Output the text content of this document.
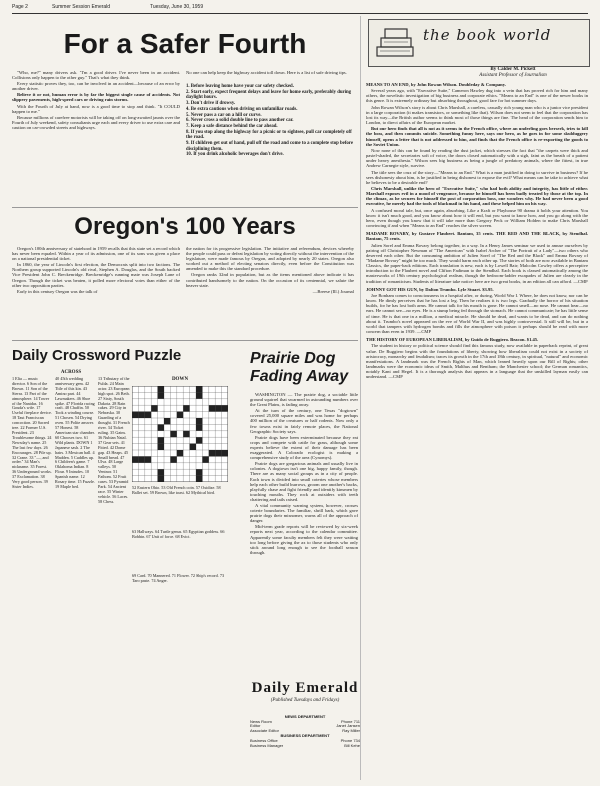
Page 2	Summer Session Emerald	Tuesday, June 30, 1959
For a Safer Fourth

"Who, me?" many drivers ask. "I'm a good driver. I've never been in an accident. Collisions only happen to the other guy." That's what they think.

Every statistic proves they, too, can be involved in an accident—because of an error by another driver.

Believe it or not, human error is by far the biggest single cause of accidents. Not slippery pavements, high-speed cars or driving rain storms.

With the Fourth of July at hand, now is a good time to stop and think. "It COULD happen to me."

Because millions of carefree motorists will be taking off on long-awaited jaunts over the Fourth of July weekend, safety consultants urge each and every driver to use extra care and caution on car-crowded streets and highways.

No one can help keep the highway accident toll down. Here is a list of safe driving tips.
1. Before leaving home have your car safety checked.
2. Start early, expect frequent delays and leave for home early, preferably during daylight hours.
3. Don't drive if drowsy.
4. Be extra cautious when driving on unfamiliar roads.
5. Never pass a car on a hill or curve.
6. Never cross a solid double line to pass another car.
7. Keep a safe distance behind the car ahead.
8. If you stop along the highway for a picnic or to sightsee, pull car completely off the road.
9. If children get out of hand, pull off the road and come to a complete stop before disciplining them.
10. If you drink alcoholic beverages don't drive.
Oregon's 100 Years

Oregon's 100th anniversary of statehood in 1959 recalls that this state set a record which has never been equaled. Within a year of its admission, one of its sons was given a place on a national presidential ticket.

In 1860, the year of Lincoln's first election, the Democrats split into two factions. The Northern group supported Lincoln's old rival, Stephen A. Douglas, and the South backed Vice President John C. Breckenridge. Breckenridge's running mate was Joseph Lane of Oregon. Though the ticket was beaten, it polled more electoral votes than either of the other two opposition parties.

Early in this century Oregon was the talk of

the nation for its progressive legislation. The initiative and referendum, devices whereby the people could pass or defeat legislation by voting directly without the intervention of the legislature, were made famous by Oregon, and adopted by nearly 20 states. Oregon also worked out a method of electing senators directly, even before the Constitution was amended to make this the standard procedure.

Oregon ranks 32nd in population, but as the items mentioned above indicate it has contributed handsomely to the nation. On the occasion of its centennial, we salute the beaver state.

—Breese (Ill.) Journal

Daily Crossword Puzzle
ACROSS
1 Elia — music director. 6 Son of the Brown. 11 Son of the Sierra. 13 Part of the atmosphere. 14 Tower of the Nanidas. 16 Gouda's wife. 17 Useful fireplace device. 18 Taut Franciscan concoction. 20 Sacred tree. 22 Former U.S. President. 23 Troublesome things. 24 Newsday's name. 25 The last few days. 26 Encourages. 28 Pile up. 32 Crane. 33 "—, and order." 34 Man's nickname. 35 Forest. 36 Underground works. 37 Exclamation. 38 Very good person. 39 Sister Indies.
40 45th wedding anniversary gem. 42 Title of this kin. 43 Amino part. 44 Lawmakers. 46 Shoe spike. 47 Florida racing craft. 48 Chaffin. 50 Took a winding course. 51 Chosen. 54 Drying oven. 55 Polite answer. 57 Honest. 58 American star chamber. 60 Chooses two. 61 Wild plants. DOWN 1 Japanese sash. 2 The hairs. 3 Mexican ball. 4 Madden. 5 Cuddles up. 6 Children's game. 7 Oklahoma Indian. 8 Flour. 9 Intrudes. 10 Spanish name. 12 Rosary time. 15 Fuzzle. 19 Maple bed.
13 Tributary of the Fulda. 24 Main actor. 23 European high spot. 26 Beth. 27 Sixty, South Dakota. 28 Rain cakes. 29 City in Nebraska. 30 Guarding of a thought. 31 French river. 34 Ticket ruling. 35 Gains. 36 Nubian Natal. 37 Gear sets. 41 Fitted. 42 Dome gap. 43 Heaps. 45 Small bread. 47 Ulva. 48 Large valleys. 50 Ventnor. 51 Fathom. 52 Fruit cases. 53 Pyramid Park. 54 Ancient race. 55 Winter vehicle. 56 Laces. 58 Chess.
DOWN
52 Eastern Ohio. 53 Old French coin. 57 Oxidize. 58 Ballet set. 59 Brown, like toast. 62 Mythical bird.
63 Hallways. 64 Turtle genus. 65 Egyptian goddess. 66 Bobbin. 67 Unit of force. 68 Evict.
69 Card. 70 Mannered. 71 Flower. 72 Ship's record. 73 Taro paste. 74 Anger.
Prairie Dog Fading Away

WASHINGTON — The prairie dog, a sociable little ground squirrel that swarmed in astounding numbers over the Great Plains, is fading away.

At the turn of the century, one Texas "dogtown" covered 25,000 square miles and was home for perhaps 400 million of the creatures or half rodents. Now only a few towns exist in fairly remote places, the National Geographic Society says.

Prairie dogs have been exterminated because they eat crops and compete with cattle for grass, although some experts believe the extent of their damage has been exaggerated. A Colorado ecologist is making a comprehensive study of the area (Cynomys).

Prairie dogs are gregarious animals and usually live in colonies. A dogtown isn't one big, happy family, though. There are as many social groups as in a city of people. Each town is divided into small coteries whose members help each other build burrows, groom one another's backs, playfully chase and fight friendly and identify kinsmen by touching mouths. They rock at outsiders with teeth chattering and tails raised.

A vital community warning system, however, crosses coterie boundaries. The familiar, shrill bark, which gave prairie dogs their misnomer, warns all of the approach of danger.

Mid-term grade reports will be reviewed by six-week reports next year, according to the calendar committee. Apparently some faculty members felt they were waiting too long before giving the ax to those students who only stick around long enough to see the football season through.

Daily Emerald
(Published Tuesdays and Fridays)
NEWS DEPARTMENT
News Room	Phone 711
Editor	Janet Jansen
Associate Editor	Ray Miller
BUSINESS DEPARTMENT
Business Office	Phone 734
Business Manager	Bill Kehe
the book world
By Calder M. Pickett
Assistant Professor of Journalism

MEANS TO AN END, by John Rowan Wilson. Doubleday & Company.

Several years ago, with "Executive Suite," Cameron Hawley dug into a vein that has proved rich for him and many others, the novelistic investigation of big business and corporate ethics. "Means to an End" is one of the newer books in this genre. It is extremely ordinary but absorbing throughout, good fare for hot summer days.

John Rowan Wilson's story is about Chris Marshall, a careless, casually rich young man who is a junior vice president in a large corporation (it makes transistors, or something like that). Wilson does not seem to feel that the corporation has lost its way—the British author seems to think most of those things are fine. The head of the corporation sends him to London, to direct affairs of the European market.

But our hero finds that all is not as it seems in the French office, where an underling goes berserk, tries to kill the boss, and then commits suicide. Something funny here, says our hero, as he goes in for some skulduggery himself, opens a letter that is not addressed to him, and finds that the French office is re-exporting the goods to the Soviet Union.

Now none of this can be found by reading the dust jacket, which stresses the fact that "the carpets were thick and pastel-shaded, the secretaries soft of voice, the doors closed automatically with a sigh, faint as the breath of a patient under heavy anesthesia." Wilson sees big business as being a jungle of predatory animals, where the fittest, in true Andrew Carnegie style, survive.

The title sees the crux of the story—"Means to an End." What is a man justified in doing to survive in business? If he sees dishonesty about him, is he justified in being dishonest to expose the evil? What means can he take to achieve what he believes to be a desirable end?

Chris Marshall, unlike the hero of "Executive Suite," who had both ability and integrity, has little of either. Marshall exposes evil in a mood of vengeance, because he himself has been badly treated by those at the top. In the climax, as he secures for himself the post of corporation boss, one wonders why. He had never been a good executive, he merely had the tools of blackmail in his hand, and these helped him on his way.

A confused moral tale, but, once again, absorbing. Like a Kraft or Playhouse 90 drama it holds your attention. You know it isn't much good, and you know about how it will end, but you want to know how, and you go along with the hero, even though you know that it will take more than Gregory Peck or William Holden to make Chris Marshall convincing if and when "Means to an End" reaches the silver screen.

MADAME BOVARY, by Gustave Flaubert. Bantam, 35 cents. THE RED AND THE BLACK, by Stendhal. Bantam, 75 cents.

Julien Sorel and Emma Bovary belong together, in a way. In a Henry James seminar we used to amuse ourselves by pairing off Christopher Newman of "The American" with Isabel Archer of "The Portrait of a Lady"—two others who deserved each other. But the consuming ambition of Julien Sorel of "The Red and the Black" and Emma Bovary of "Madame Bovary" might be too much. They would harm each other up. The stories of both are now available in Bantam Classics, the paper-back editions. Each translation is new, each is by Lowell Bair; Malcolm Cowley offers a perceptive introduction to the Flaubert novel and Clifton Fadiman to the Stendhal. Each book is classed automatically among the masterworks of 19th century psychological realism, though the bedroom-ladder escapades of Julien are clearly in the tradition of romanticism. Students of literature take notice: here are two great books, in an edition all can afford. —CMP

JOHNNY GOT HIS GUN, by Dalton Trumbo. Lyle Stuart. $3.95.

Joe Bonham comes to consciousness in a hospital after, or during, World War I. Where, he does not know, nor can he know. He dimly perceives that he has lost a leg. Then he realizes it is two legs. Gradually the horror of his situation builds, for he has lost both arms. He cannot talk for his mouth is gone. He cannot smell—no nose. He cannot hear—no ears. He cannot see—no eyes. He is a stump being fed through the stomach. He cannot communicate; he has little sense of time. He is that one in a million, a medical miracle. He should be dead, and wants to be dead, and can do nothing about it. Trumbo's novel appeared on the eve of World War II, and was highly controversial. It still will be, but in a world that tampers with hydrogen bombs and fills the atmosphere with poison it perhaps should be read with more concern than even in 1939. —CMP

THE HISTORY OF EUROPEAN LIBERALISM, by Guido de Ruggiero. Beacon. $1.45.

The student in history or political science should find this famous study, now available in paperback reprint, of great value. De Ruggiero begins with the foundations of liberty, showing how liberalism could not exist in a society of aristocracy, monarchy and feudalism; traces its growth in the 17th and 18th century, in spiritual, "natural" and economic manifestations. A landmark was the French Rights of Man, which leaned heavily upon our Bill of Rights; other landmarks were the economic ideas of Smith, Malthus and Bentham; the Manchester school; the German romantics, notably Kant and Hegel. It is a thorough analysis that appears in a language that the unskilled layman easily can understand. —CMP
